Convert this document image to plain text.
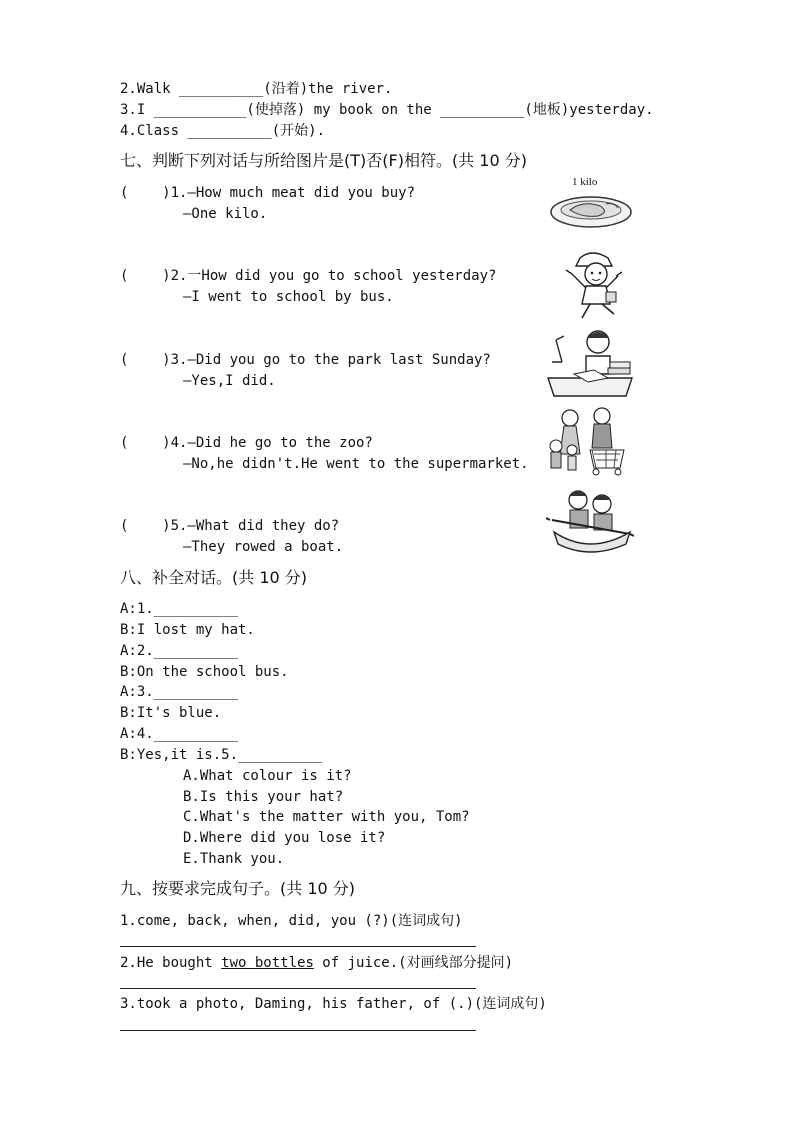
2.Walk __________(沿着)the river.
3.I ___________(使掉落) my book on the __________(地板)yesterday.
4.Class __________(开始).
七、判断下列对话与所给图片是(T)否(F)相符。(共 10 分)
(    )1.—How much meat did you buy?
—One kilo.
(    )2.一How did you go to school yesterday?
—I went to school by bus.
(    )3.—Did you go to the park last Sunday?
—Yes,I did.
(    )4.—Did he go to the zoo?
—No,he didn't.He went to the supermarket.
(    )5.—What did they do?
—They rowed a boat.
1 kilo
八、补全对话。(共 10 分)
A:1.__________
B:I lost my hat.
A:2.__________
B:On the school bus.
A:3.__________
B:It's blue.
A:4.__________
B:Yes,it is.5.__________
A.What colour is it?
B.Is this your hat?
C.What's the matter with you, Tom?
D.Where did you lose it?
E.Thank you.
九、按要求完成句子。(共 10 分)
1.come, back, when, did, you (?)(连词成句)
2.He bought two bottles of juice.(对画线部分提问)
3.took a photo, Daming, his father, of (.)(连词成句)
